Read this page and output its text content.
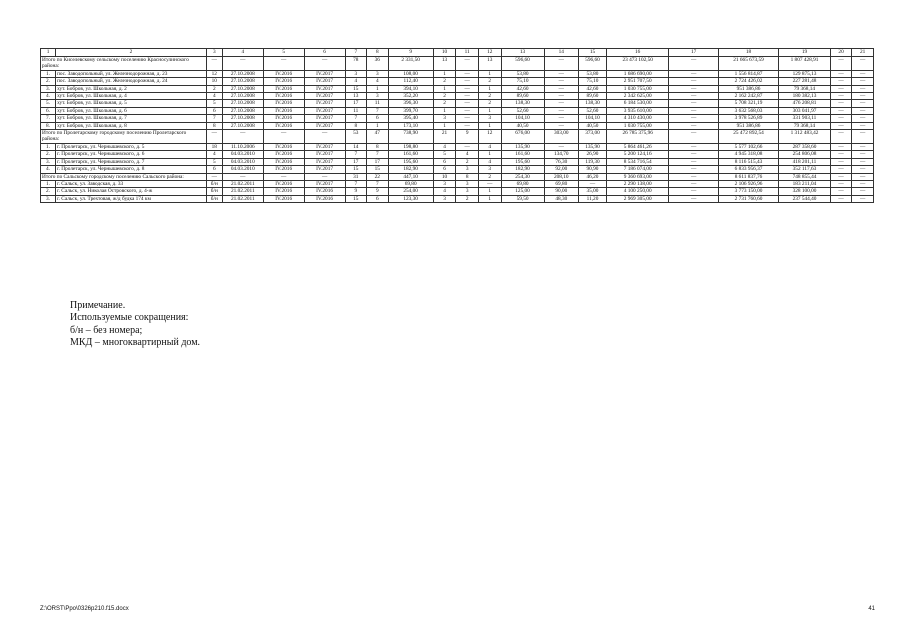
1	2	3	4	5	6	7	8	9	10	11	12	13	14	15	16	17	18	19	20	21
Итого по Киселевскому сельскому поселению Красносулинского района:		—	—	—	—	78	36	2 331,50	13	—	13	596,60	—	596,60	23 473 102,50	—	21 665 673,59	1 807 428,91	—	—
1.	пос. Заводопольный, ул. Железнодорожная, д. 23	12	27.10.2008	IV.2016	IV.2017	3	3	108,00	1	—	1	53,80	—	53,80	1 686 690,00	—	1 556 814,87	129 875,13	—	—
2.	пос. Заводопольный, ул. Железнодорожная, д. 24	10	27.10.2008	IV.2016	IV.2017	4	4	112,40	2	—	2	75,10	—	75,10	2 951 707,50	—	2 724 426,02	227 281,48	—	—
3.	хут. Бобров, ул. Школьная, д. 2	2	27.10.2008	IV.2016	IV.2017	15	1	394,10	1	—	1	42,60	—	42,60	1 030 755,00	—	951 386,86	79 368,14	—	—
4.	хут. Бобров, ул. Школьная, д. 4	4	27.10.2008	IV.2016	IV.2017	13	3	352,20	2	—	2	89,60	—	89,60	2 342 625,00	—	2 162 242,87	180 382,13	—	—
5.	хут. Бобров, ул. Школьная, д. 5	5	27.10.2008	IV.2016	IV.2017	17	11	396,30	2	—	2	138,30	—	138,30	6 184 530,00	—	5 708 321,19	476 208,81	—	—
6.	хут. Бобров, ул. Школьная, д. 6	6	27.10.2008	IV.2016	IV.2017	11	7	399,70	1	—	1	52,60	—	52,60	3 935 610,00	—	3 632 568,03	303 041,97	—	—
7.	хут. Бобров, ул. Школьная, д. 7	7	27.10.2008	IV.2016	IV.2017	7	6	395,40	3	—	3	104,10	—	104,10	4 310 430,00	—	3 978 526,89	331 903,11	—	—
8.	хут. Бобров, ул. Школьная, д. 8	8	27.10.2008	IV.2016	IV.2017	8	1	173,10	1	—	1	40,50	—	40,50	1 030 755,00	—	951 386,86	79 368,14	—	—
Итого по Пролетарскому городскому поселению Пролетарского района:		—	—	—	—	53	47	738,90	21	9	12	676,00	303,00	373,00	26 785 375,96	—	25 472 892,54	1 312 483,42	—	—
1.	г. Пролетарск, ул. Чернышевского, д. 5	18	11.10.2006	IV.2016	IV.2017	14	8	198,80	4	—	4	135,90	—	135,90	5 864 461,26	—	5 577 102,66	287 358,60	—	—
2.	г. Пролетарск, ул. Чернышевского, д. 6	4	04.03.2010	IV.2016	IV.2017	7	7	161,60	5	4	1	161,60	134,70	26,90	5 200 124,16	—	4 945 318,08	254 806,08	—	—
3.	г. Пролетарск, ул. Чернышевского, д. 7	5	04.03.2010	IV.2016	IV.2017	17	17	195,60	6	2	4	195,60	76,30	119,30	8 534 716,54	—	8 116 515,43	418 201,11	—	—
4.	г. Пролетарск, ул. Чернышевского, д. 8	6	04.03.2010	IV.2016	IV.2017	15	15	182,90	6	3	3	182,90	92,00	90,90	7 186 074,00	—	6 833 956,37	352 117,63	—	—
Итого по Сальскому городскому поселению Сальского района:		—	—	—	—	31	22	447,10	10	8	2	254,30	208,10	46,20	9 360 693,00	—	8 611 837,76	748 855,44	—	—
1.	г. Сальск, ул. Заводская, д. 33	б/н	21.02.2011	IV.2016	IV.2017	7	7	69,80	3	3	—	69,80	69,80	—	2 290 138,00	—	2 106 926,96	183 211,04	—	—
2.	г. Сальск, ул. Николая Островского, д. 4-ж	б/н	21.02.2011	IV.2016	IV.2016	9	9	254,00	4	3	1	125,00	90,00	35,00	4 100 250,00	—	3 773 150,00	328 100,00	—	—
3.	г. Сальск, ул. Трехтовая, ж/д будка 174 км	б/н	21.02.2011	IV.2016	IV.2016	15	6	123,30	3	2	1	59,50	48,30	11,20	2 969 305,00	—	2 731 760,60	237 544,40	—	—
Примечание.
Используемые сокращения:
б/н – без номера;
МКД – многоквартирный дом.
Z:\ORST\Ppo\0326p210.f15.docx	41
